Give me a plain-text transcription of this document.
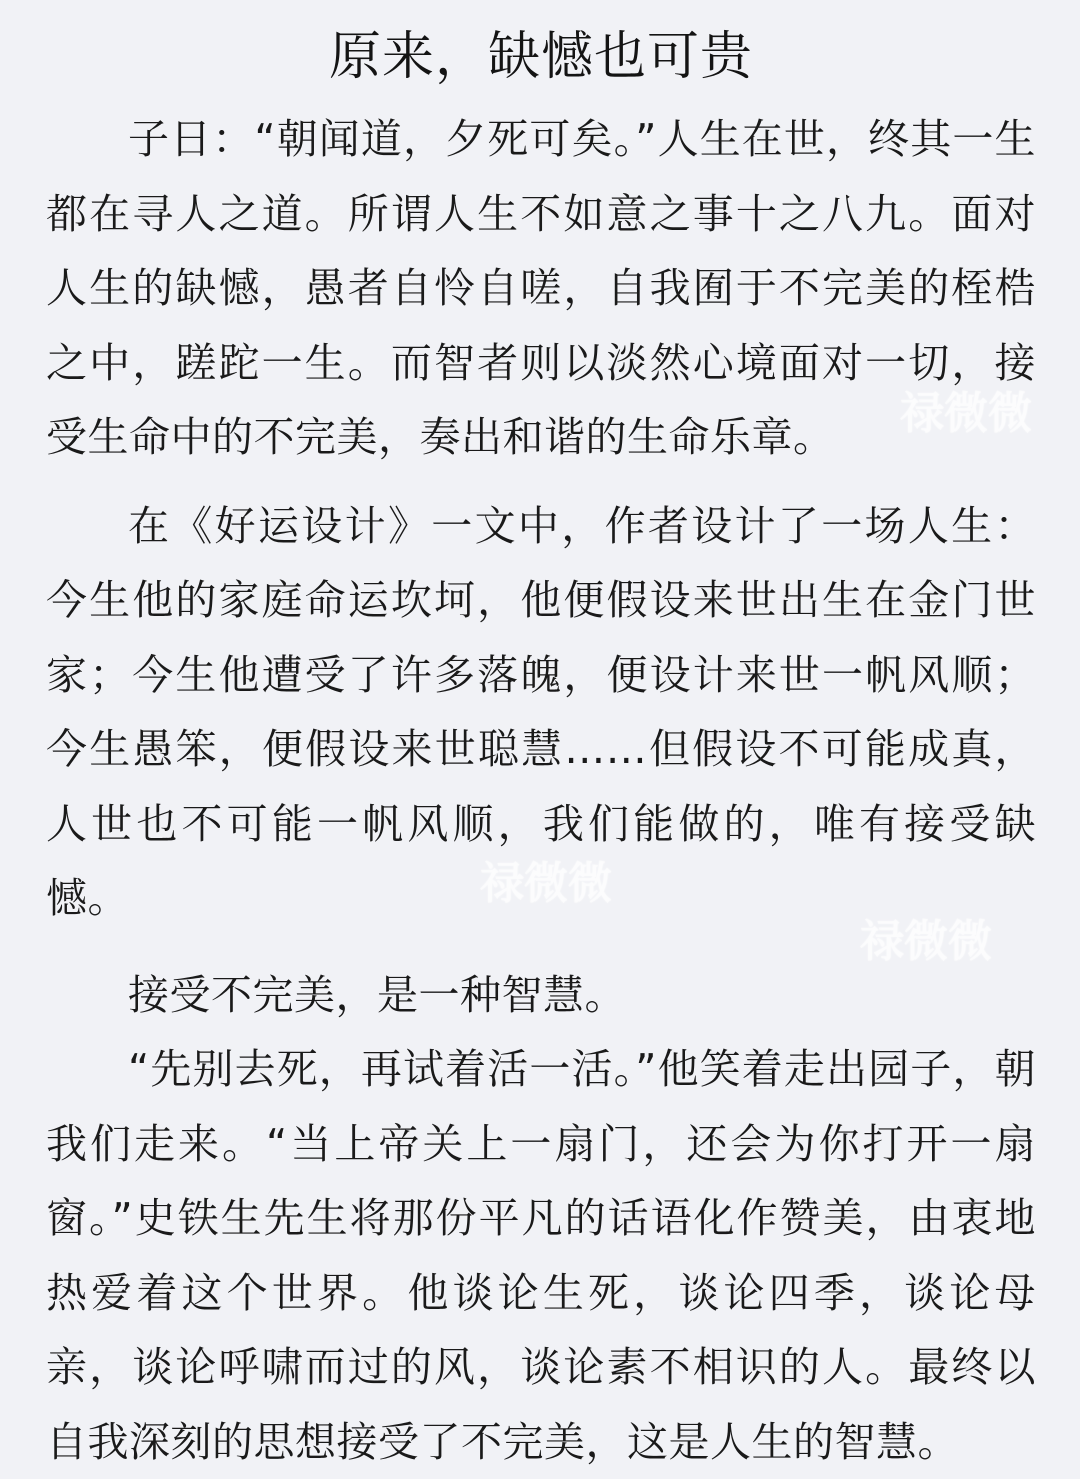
原来，缺憾也可贵

子日：“朝闻道，夕死可矣。”人生在世，终其一生都在寻人之道。所谓人生不如意之事十之八九。面对人生的缺憾，愚者自怜自嗟，自我囿于不完美的桎梏之中，蹉跎一生。而智者则以淡然心境面对一切，接受生命中的不完美，奏出和谐的生命乐章。

在《好运设计》一文中，作者设计了一场人生：今生他的家庭命运坎坷，他便假设来世出生在金门世家；今生他遭受了许多落魄，便设计来世一帆风顺；今生愚笨，便假设来世聪慧……但假设不可能成真，人世也不可能一帆风顺，我们能做的，唯有接受缺憾。

接受不完美，是一种智慧。

“先别去死，再试着活一活。”他笑着走出园子，朝我们走来。“当上帝关上一扇门，还会为你打开一扇窗。”史铁生先生将那份平凡的话语化作赞美，由衷地热爱着这个世界。他谈论生死，谈论四季，谈论母亲，谈论呼啸而过的风，谈论素不相识的人。最终以自我深刻的思想接受了不完美，这是人生的智慧。

禄微微
禄微微
禄微微
